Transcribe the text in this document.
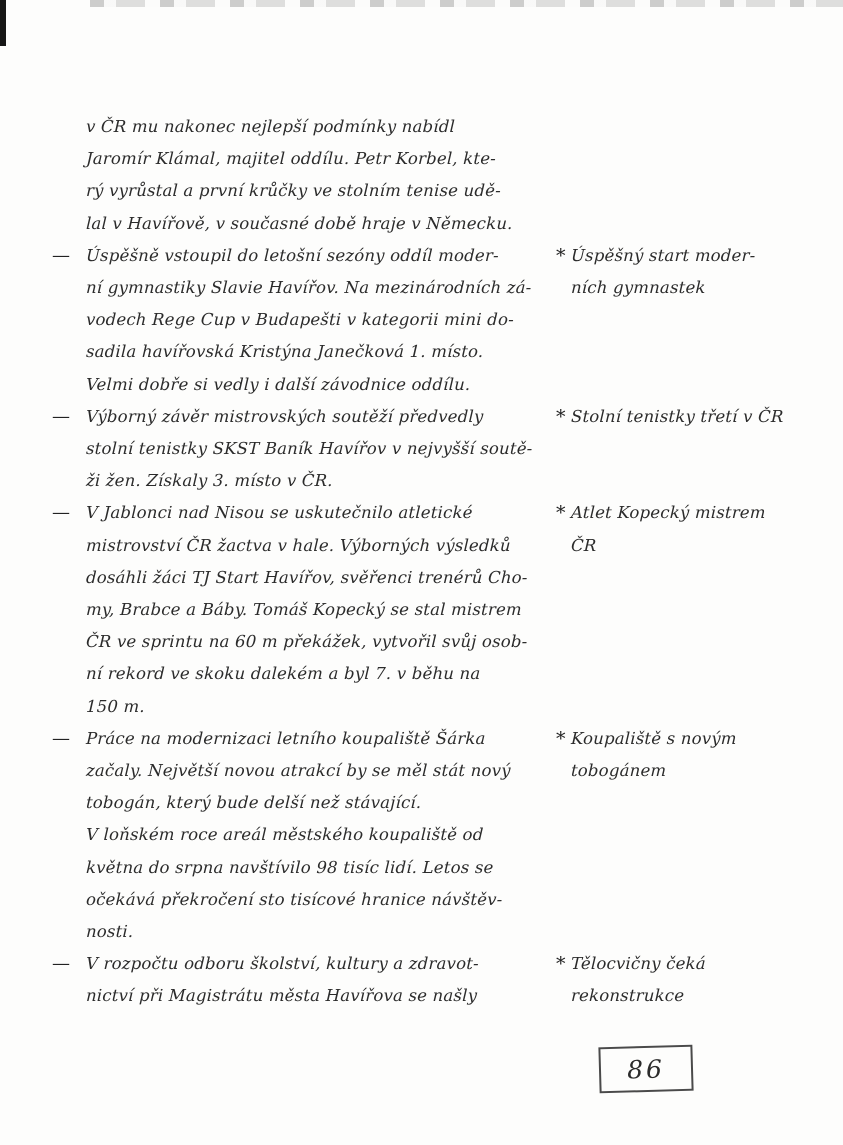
v ČR mu nakonec nejlepší podmínky nabídl
Jaromír Klámal, majitel oddílu. Petr Korbel, kte-
rý vyrůstal a první krůčky ve stolním tenise udě-
lal v Havířově, v současné době hraje v Německu.
—	Úspěšně vstoupil do letošní sezóny oddíl moder-
ní gymnastiky Slavie Havířov. Na mezinárodních zá-
vodech Rege Cup v Budapešti v kategorii mini do-
sadila havířovská Kristýna Janečková 1. místo.
Velmi dobře si vedly i další závodnice oddílu.
* Úspěšný start moder-
ních gymnastek
—	Výborný závěr mistrovských soutěží předvedly
stolní tenistky SKST Baník Havířov v nejvyšší soutě-
ži žen. Získaly 3. místo v ČR.
* Stolní tenistky třetí v ČR
—	V Jablonci nad Nisou se uskutečnilo atletické
mistrovství ČR žactva v hale. Výborných výsledků
dosáhli žáci TJ Start Havířov, svěřenci trenérů Cho-
my, Brabce a Báby. Tomáš Kopecký se stal mistrem
ČR ve sprintu na 60 m překážek, vytvořil svůj osob-
ní rekord ve skoku dalekém a byl 7. v běhu na
150 m.
* Atlet Kopecký mistrem
ČR
—	Práce na modernizaci letního koupaliště Šárka
začaly. Největší novou atrakcí by se měl stát nový
tobogán, který bude delší než stávající.
V loňském roce areál městského koupaliště od
května do srpna navštívilo 98 tisíc lidí. Letos se
očekává překročení sto tisícové hranice návštěv-
nosti.
* Koupaliště s novým
tobogánem
—	V rozpočtu odboru školství, kultury a zdravot-
nictví při Magistrátu města Havířova se našly
* Tělocvičny čeká
rekonstrukce
86
